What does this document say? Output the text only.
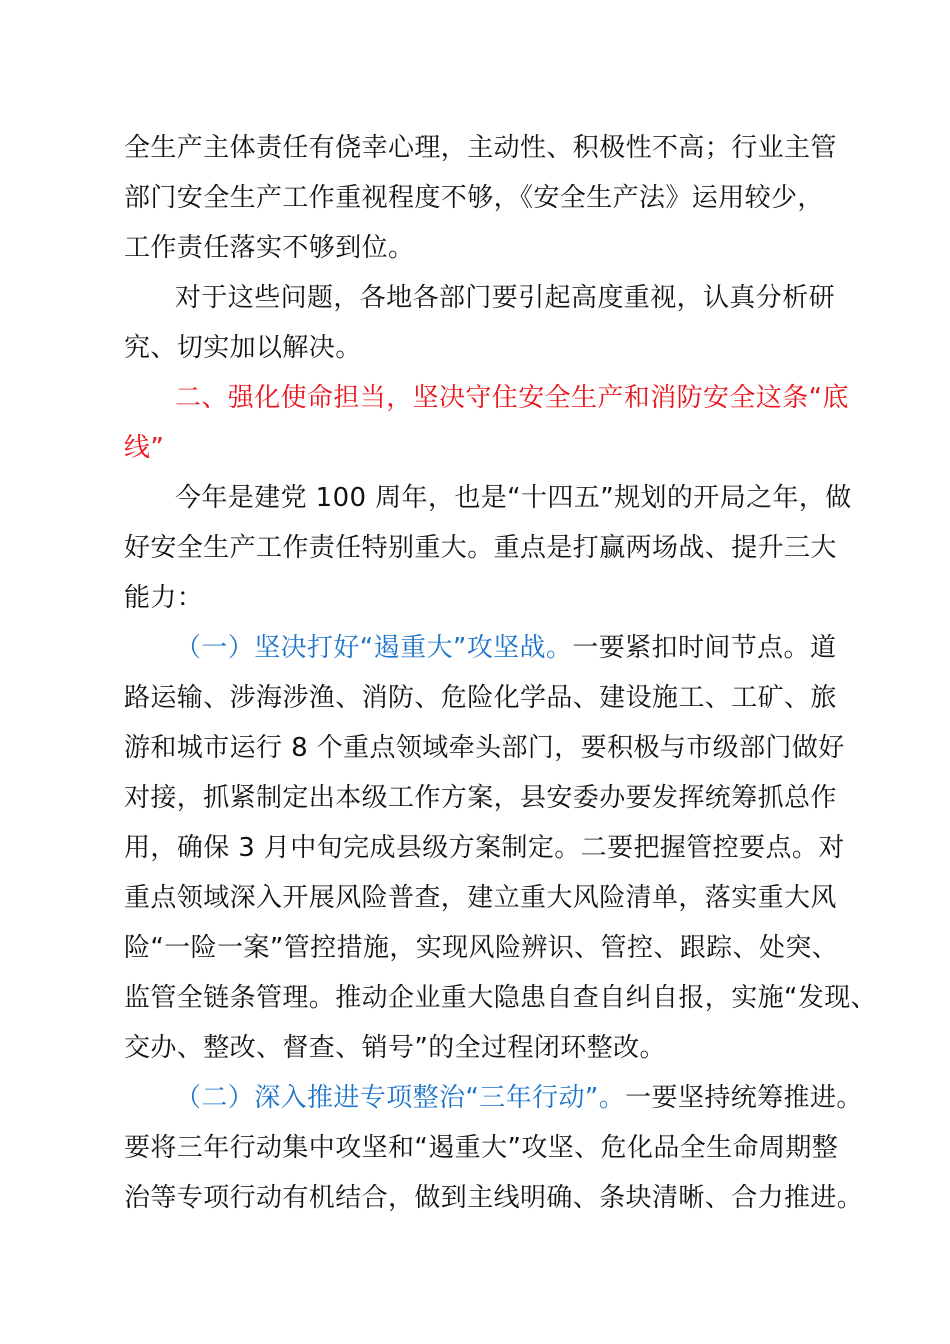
全生产主体责任有侥幸心理，主动性、积极性不高；行业主管
部门安全生产工作重视程度不够，《安全生产法》运用较少，
工作责任落实不够到位。
对于这些问题，各地各部门要引起高度重视，认真分析研
究、切实加以解决。
二、强化使命担当，坚决守住安全生产和消防安全这条“底
线”
今年是建党 100 周年，也是“十四五”规划的开局之年，做
好安全生产工作责任特别重大。重点是打赢两场战、提升三大
能力：
（一）坚决打好“遏重大”攻坚战。一要紧扣时间节点。道
路运输、涉海涉渔、消防、危险化学品、建设施工、工矿、旅
游和城市运行 8 个重点领域牵头部门，要积极与市级部门做好
对接，抓紧制定出本级工作方案，县安委办要发挥统筹抓总作
用，确保 3 月中旬完成县级方案制定。二要把握管控要点。对
重点领域深入开展风险普查，建立重大风险清单，落实重大风
险“一险一案”管控措施，实现风险辨识、管控、跟踪、处突、
监管全链条管理。推动企业重大隐患自查自纠自报，实施“发现、
交办、整改、督查、销号”的全过程闭环整改。
（二）深入推进专项整治“三年行动”。一要坚持统筹推进。
要将三年行动集中攻坚和“遏重大”攻坚、危化品全生命周期整
治等专项行动有机结合，做到主线明确、条块清晰、合力推进。
